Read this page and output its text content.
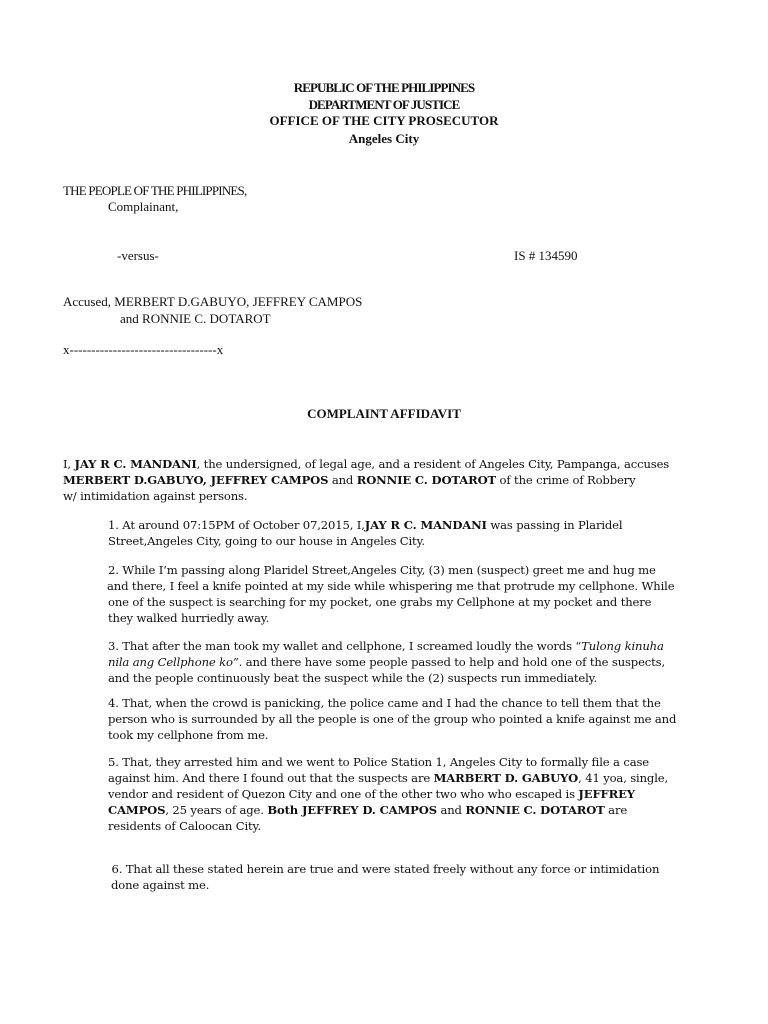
REPUBLIC OF THE PHILIPPINES
DEPARTMENT OF JUSTICE
OFFICE OF THE CITY PROSECUTOR
Angeles City
THE PEOPLE OF THE PHILIPPINES,
Complainant,
-versus-	IS # 134590
Accused, MERBERT D.GABUYO, JEFFREY CAMPOS
and RONNIE C. DOTAROT
x----------------------------------x
COMPLAINT AFFIDAVIT
I, JAY R C. MANDANI, the undersigned, of legal age, and a resident of Angeles City, Pampanga, accuses
MERBERT D.GABUYO, JEFFREY CAMPOS and RONNIE C. DOTAROT of the crime of Robbery
w/ intimidation against persons.
1. At around 07:15PM of October 07,2015, I,JAY R C. MANDANI was passing in Plaridel
Street,Angeles City, going to our house in Angeles City.
2. While I’m passing along Plaridel Street,Angeles City, (3) men (suspect) greet me and hug me
and there, I feel a knife pointed at my side while whispering me that protrude my cellphone. While
one of the suspect is searching for my pocket, one grabs my Cellphone at my pocket and there
they walked hurriedly away.
3. That after the man took my wallet and cellphone, I screamed loudly the words “Tulong kinuha
nila ang Cellphone ko”. and there have some people passed to help and hold one of the suspects,
and the people continuously beat the suspect while the (2) suspects run immediately.
4. That, when the crowd is panicking, the police came and I had the chance to tell them that the
person who is surrounded by all the people is one of the group who pointed a knife against me and
took my cellphone from me.
5. That, they arrested him and we went to Police Station 1, Angeles City to formally file a case
against him. And there I found out that the suspects are MARBERT D. GABUYO, 41 yoa, single,
vendor and resident of Quezon City and one of the other two who who escaped is JEFFREY
CAMPOS, 25 years of age. Both JEFFREY D. CAMPOS and RONNIE C. DOTAROT are
residents of Caloocan City.
6. That all these stated herein are true and were stated freely without any force or intimidation
done against me.
